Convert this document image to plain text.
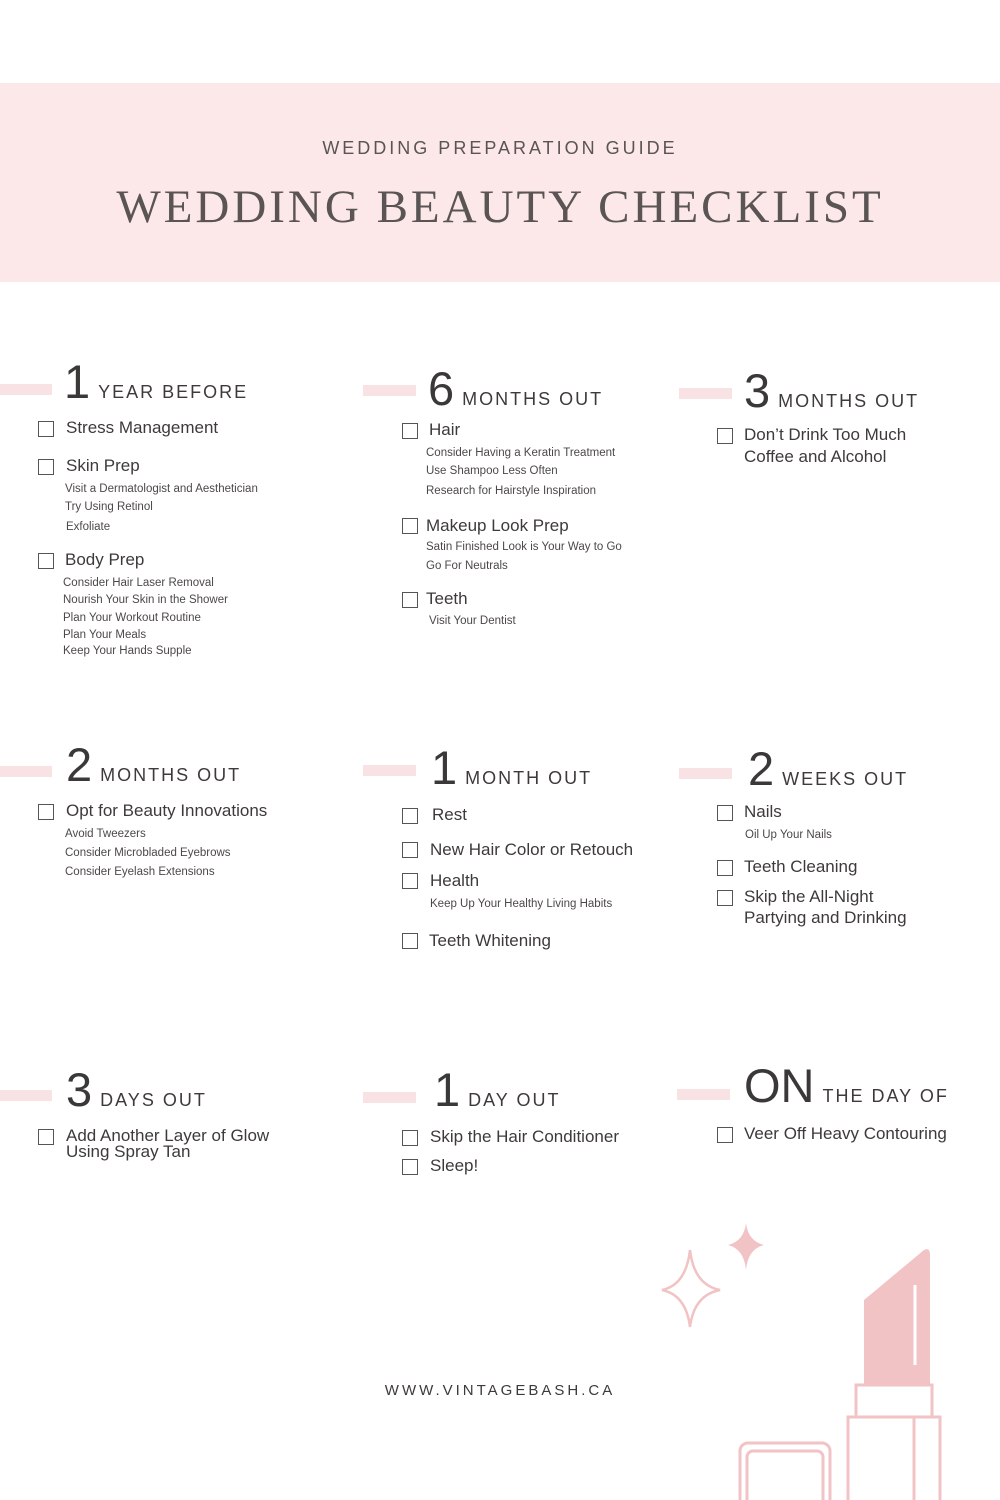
WEDDING PREPARATION GUIDE
WEDDING BEAUTY CHECKLIST
1 YEAR BEFORE
Stress Management
Skin Prep
Visit a Dermatologist and Aesthetician
Try Using Retinol
Exfoliate
Body Prep
Consider Hair Laser Removal
Nourish Your Skin in the Shower
Plan Your Workout Routine
Plan Your Meals
Keep Your Hands Supple
6 MONTHS OUT
Hair
Consider Having a Keratin Treatment
Use Shampoo Less Often
Research for Hairstyle Inspiration
Makeup Look Prep
Satin Finished Look is Your Way to Go
Go For Neutrals
Teeth
Visit Your Dentist
3 MONTHS OUT
Don’t Drink Too Much
Coffee and Alcohol
2 MONTHS OUT
Opt for Beauty Innovations
Avoid Tweezers
Consider Microbladed Eyebrows
Consider Eyelash Extensions
1 MONTH OUT
Rest
New Hair Color or Retouch
Health
Keep Up Your Healthy Living Habits
Teeth Whitening
2 WEEKS OUT
Nails
Oil Up Your Nails
Teeth Cleaning
Skip the All-Night
Partying and Drinking
3 DAYS OUT
Add Another Layer of Glow
Using Spray Tan
1 DAY OUT
Skip the Hair Conditioner
Sleep!
ON THE DAY OF
Veer Off Heavy Contouring
WWW.VINTAGEBASH.CA
